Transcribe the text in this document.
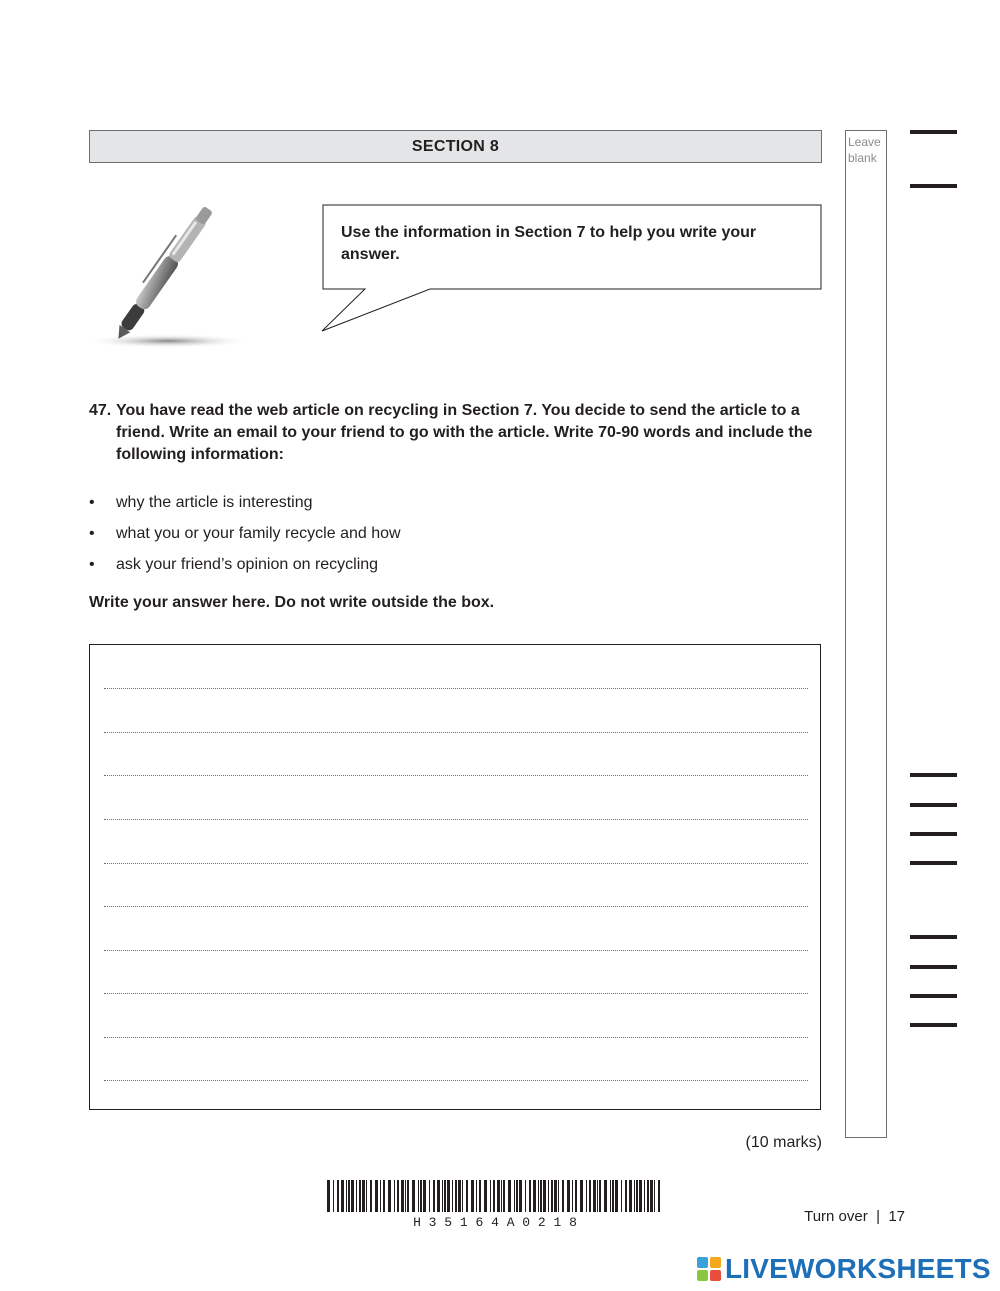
SECTION 8	Leave blank
Use the information in Section 7 to help you write your answer.
47. You have read the web article on recycling in Section 7. You decide to send the article to a friend. Write an email to your friend to go with the article. Write 70-90 words and include the following information:
• why the article is interesting
• what you or your family recycle and how
• ask your friend’s opinion on recycling
Write your answer here. Do not write outside the box.
(10 marks)
H 3 5 1 6 4 A 0 2 1 8	Turn over  |  17
LIVEWORKSHEETS
